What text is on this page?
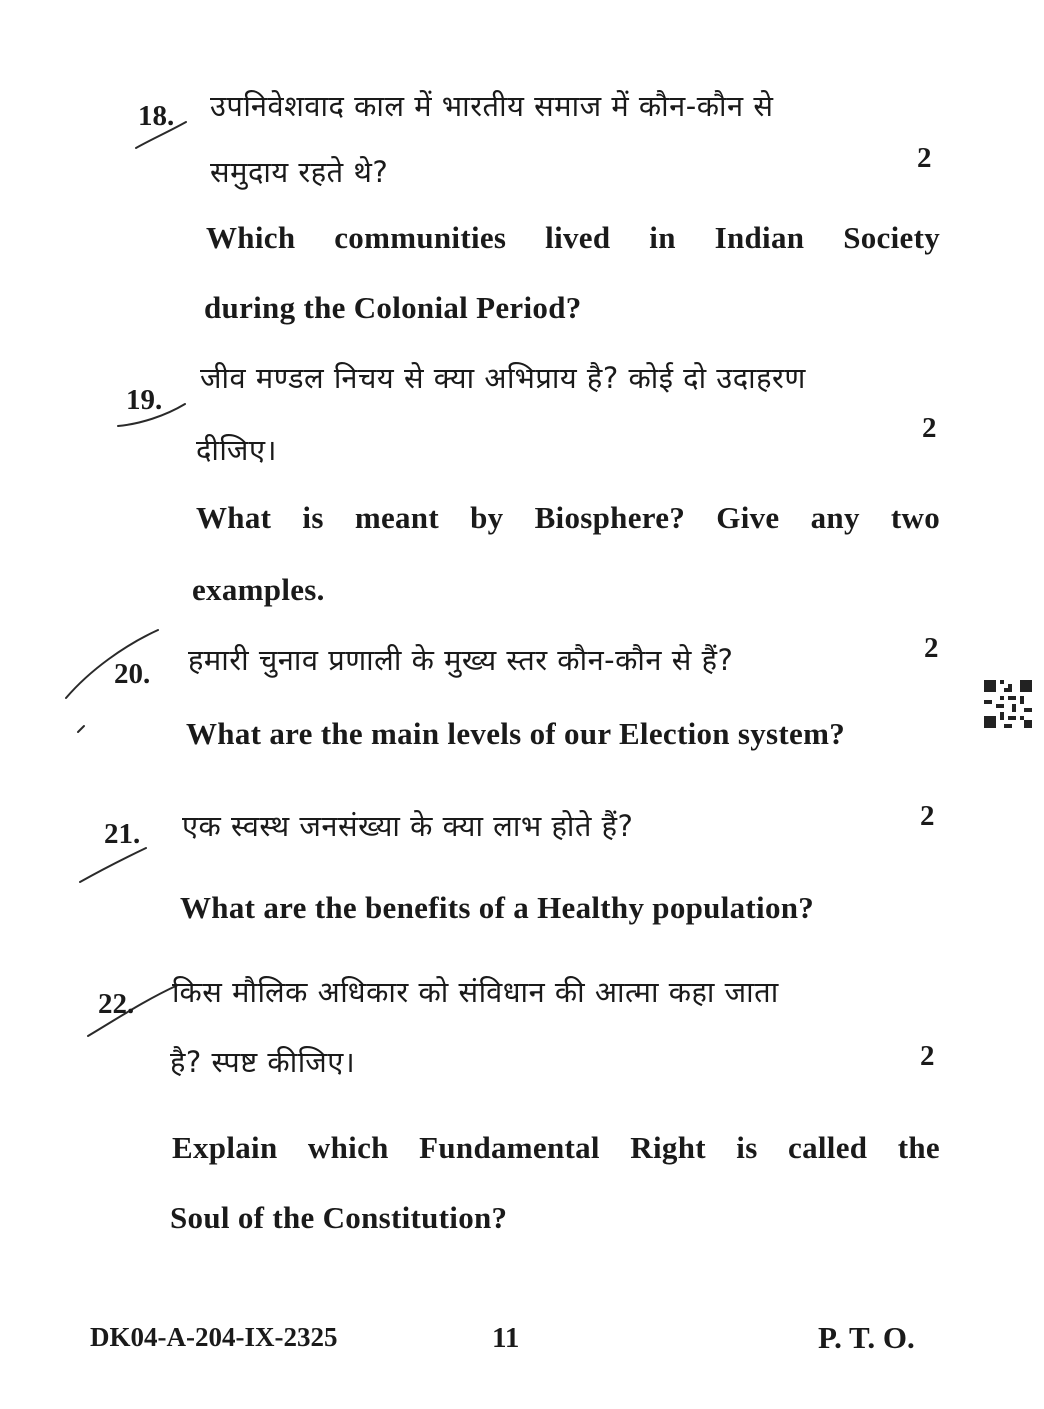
18. उपनिवेशवाद काल में भारतीय समाज में कौन-कौन से
समुदाय रहते थे?	2
Which communities lived in Indian Society
during the Colonial Period?
19.
जीव मण्डल निचय से क्या अभिप्राय है? कोई दो उदाहरण
दीजिए।
2
What is meant by Biosphere? Give any two
examples.
20. हमारी चुनाव प्रणाली के मुख्य स्तर कौन-कौन से हैं?	2
What are the main levels of our Election system?
21. एक स्वस्थ जनसंख्या के क्या लाभ होते हैं?	2
What are the benefits of a Healthy population?
22. किस मौलिक अधिकार को संविधान की आत्मा कहा जाता
है? स्पष्ट कीजिए।	2
Explain which Fundamental Right is called the
Soul of the Constitution?
DK04-A-204-IX-2325	11	P. T. O.
